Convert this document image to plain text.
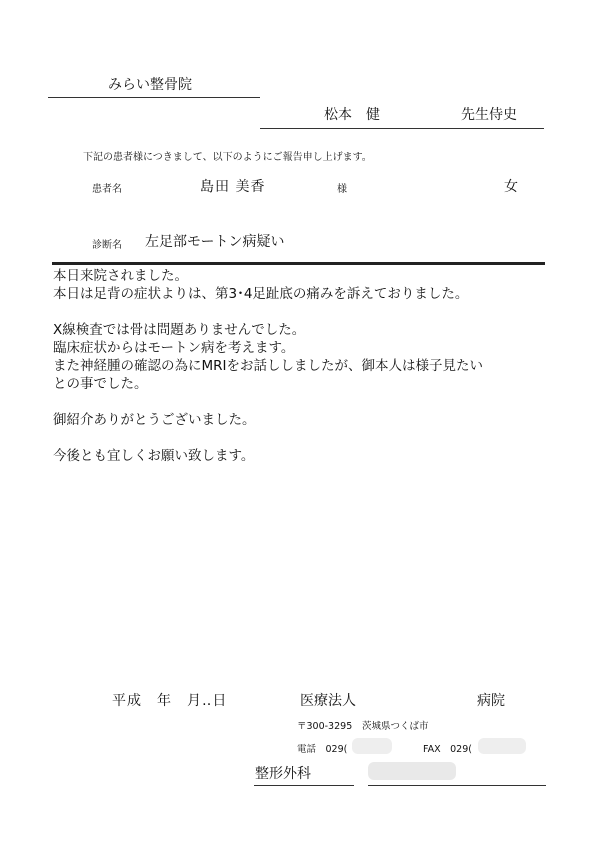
みらい整骨院
松本　健	先生侍史
下記の患者様につきまして、以下のようにご報告申し上げます。
患者名	島田 美香	様	女
診断名 左足部モートン病疑い
本日来院されました。
本日は足背の症状よりは、第3･4足趾底の痛みを訴えておりました。
X線検査では骨は問題ありませんでした。
臨床症状からはモートン病を考えます。
また神経腫の確認の為にMRIをお話ししましたが、御本人は様子見たい
との事でした。
御紹介ありがとうございました。
今後とも宜しくお願い致します。
平成　年　月‥日	医療法人	病院
〒300-3295 茨城県つくば市
電話　029(	FAX　029(
整形外科
